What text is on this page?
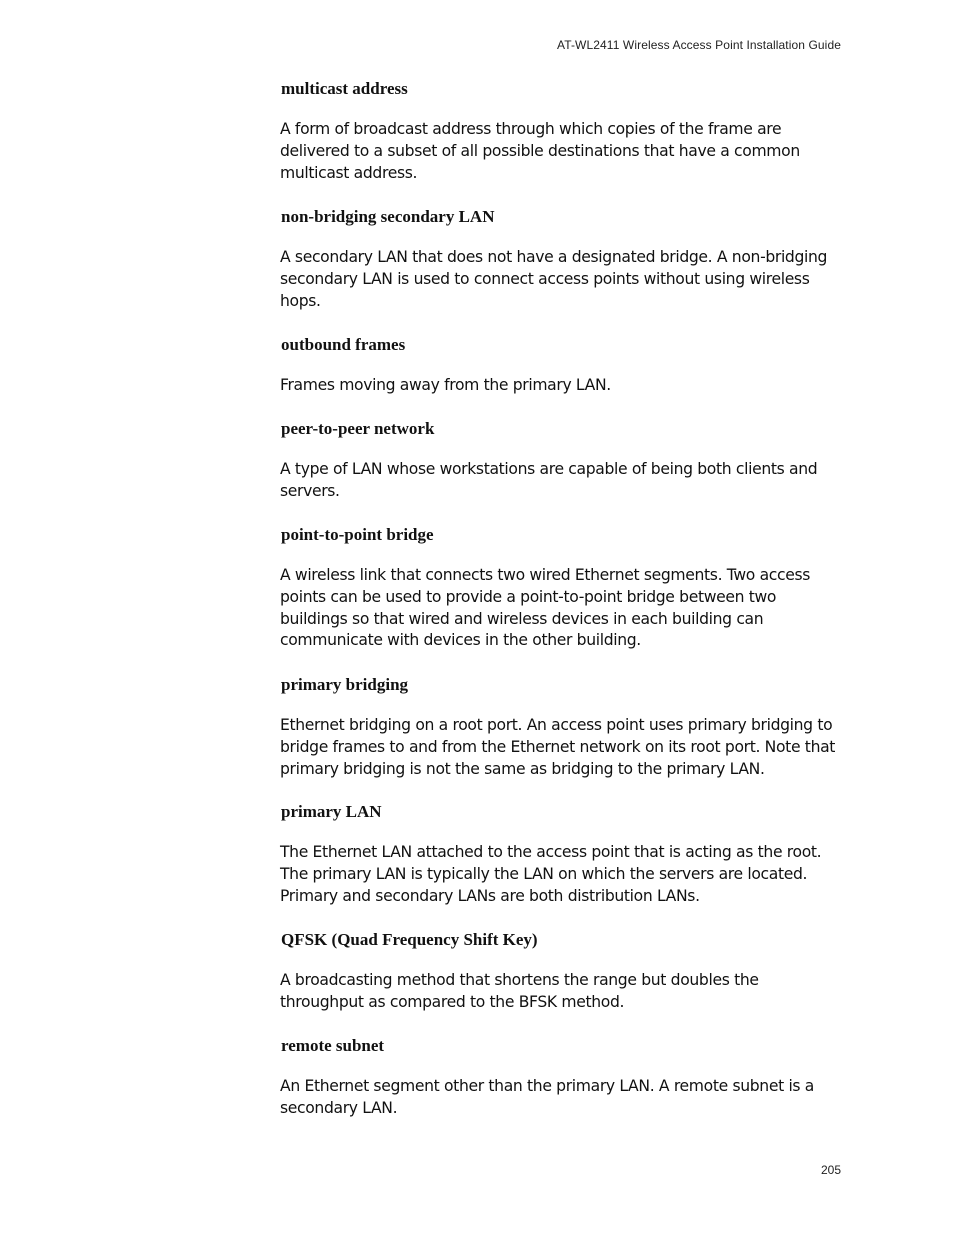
AT-WL2411 Wireless Access Point Installation Guide
multicast address

A form of broadcast address through which copies of the frame are delivered to a subset of all possible destinations that have a common multicast address.

non-bridging secondary LAN

A secondary LAN that does not have a designated bridge. A non-bridging secondary LAN is used to connect access points without using wireless hops.

outbound frames

Frames moving away from the primary LAN.

peer-to-peer network

A type of LAN whose workstations are capable of being both clients and servers.

point-to-point bridge

A wireless link that connects two wired Ethernet segments. Two access points can be used to provide a point-to-point bridge between two buildings so that wired and wireless devices in each building can communicate with devices in the other building.

primary bridging

Ethernet bridging on a root port. An access point uses primary bridging to bridge frames to and from the Ethernet network on its root port. Note that primary bridging is not the same as bridging to the primary LAN.

primary LAN

The Ethernet LAN attached to the access point that is acting as the root. The primary LAN is typically the LAN on which the servers are located. Primary and secondary LANs are both distribution LANs.

QFSK (Quad Frequency Shift Key)

A broadcasting method that shortens the range but doubles the throughput as compared to the BFSK method.

remote subnet

An Ethernet segment other than the primary LAN. A remote subnet is a secondary LAN.

205
